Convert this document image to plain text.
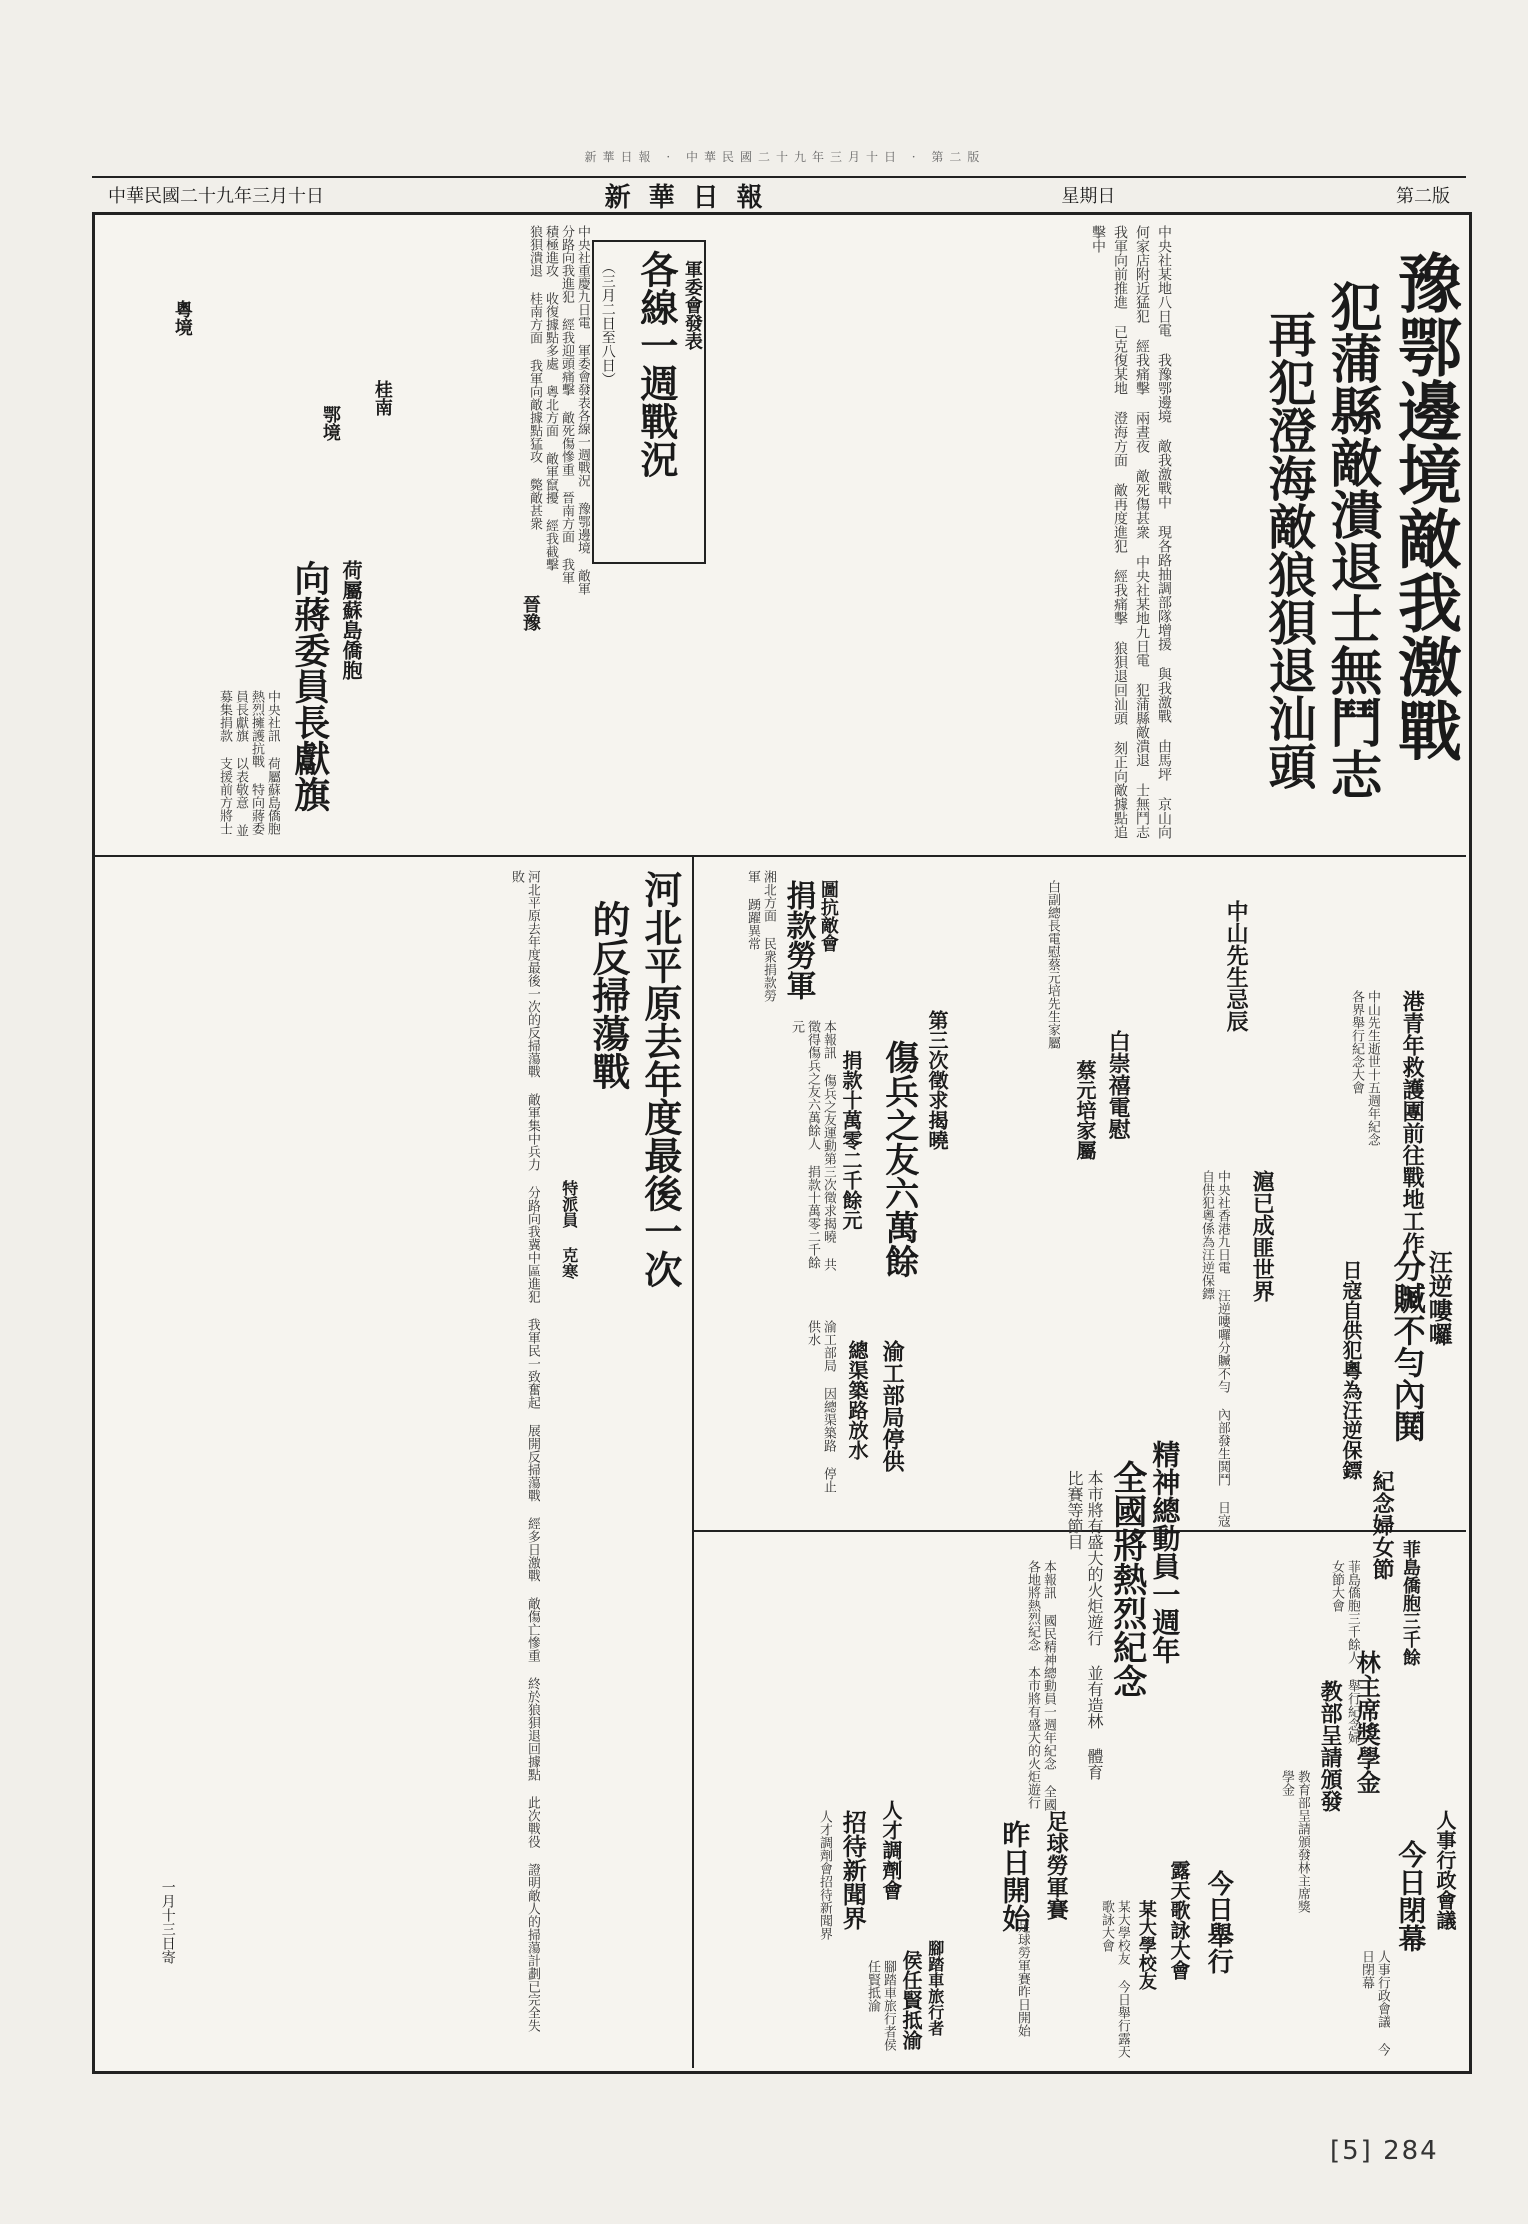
新華日報 · 中華民國二十九年三月十日 · 第二版
中華民國二十九年三月十日	新華日報	星期日	第二版
豫鄂邊境敵我激戰
犯蒲縣敵潰退士無鬥志
再犯澄海敵狼狽退汕頭
中央社某地八日電 我豫鄂邊境 敵我激戰中 現各路抽調部隊增援 與我激戰 由馬坪 京山向何家店附近猛犯 經我痛擊 兩晝夜 敵死傷甚衆 中央社某地九日電 犯蒲縣敵潰退 士無鬥志 我軍向前推進 已克復某地 澄海方面 敵再度進犯 經我痛擊 狼狽退回汕頭 刻正向敵據點追擊中
各線一週戰況 軍委會發表
（三月二日至八日）
中央社重慶九日電 軍委會發表各線一週戰況 豫鄂邊境 敵軍分路向我進犯 經我迎頭痛擊 敵死傷慘重 晉南方面 我軍積極進攻 收復據點多處 粵北方面 敵軍竄擾 經我截擊 狼狽潰退 桂南方面 我軍向敵據點猛攻 斃敵甚衆
桂南
粵境
鄂境
晉豫
向蔣委員長獻旗 荷屬蘇島僑胞
中央社訊 荷屬蘇島僑胞 熱烈擁護抗戰 特向蔣委員長獻旗 以表敬意 並募集捐款 支援前方將士
河北平原去年度最後一次
的反掃蕩戰
特派員 克寒
河北平原去年度最後一次的反掃蕩戰 敵軍集中兵力 分路向我冀中區進犯 我軍民一致奮起 展開反掃蕩戰 經多日激戰 敵傷亡慘重 終於狼狽退回據點 此次戰役 證明敵人的掃蕩計劃已完全失敗
一月十三日寄
傷兵之友六萬餘
捐款十萬零二千餘元	第三次徵求揭曉
本報訊 傷兵之友運動第三次徵求揭曉 共徵得傷兵之友六萬餘人 捐款十萬零二千餘元
捐款勞軍 圖抗敵會
湘北方面 民衆捐款勞軍 踴躍異常
渝工部局停供
總渠築路放水
渝工部局 因總渠築路 停止供水	汪逆嘍囉
分贓不勻內鬨
日寇自供犯粵為汪逆保鏢
滬已成匪世界
中央社香港九日電 汪逆嘍囉分贓不勻 內部發生鬨鬥 日寇自供犯粵係為汪逆保鏢
中山先生忌辰
港青年救護團前往戰地工作
中山先生逝世十五週年紀念 各界舉行紀念大會
白崇禧電慰
蔡元培家屬
白副總長電慰蔡元培先生家屬
精神總動員一週年
全國將熱烈紀念
本市將有盛大的火炬遊行 並有造林 體育比賽等節目
本報訊 國民精神總動員一週年紀念 全國各地將熱烈紀念 本市將有盛大的火炬遊行
紀念婦女節
菲島僑胞三千餘
菲島僑胞三千餘人 舉行紀念婦女節大會
林主席獎學金
教部呈請頒發
教育部呈請頒發林主席獎學金
人事行政會議
今日閉幕
人事行政會議 今日閉幕
今日舉行
露天歌詠大會
某大學校友
某大學校友 今日舉行露天歌詠大會
足球勞軍賽
昨日開始
足球勞軍賽昨日開始
招待新聞界 人才調劑會
人才調劑會招待新聞界
腳踏車旅行者
侯任賢抵渝
腳踏車旅行者侯任賢抵渝
[5] 284
